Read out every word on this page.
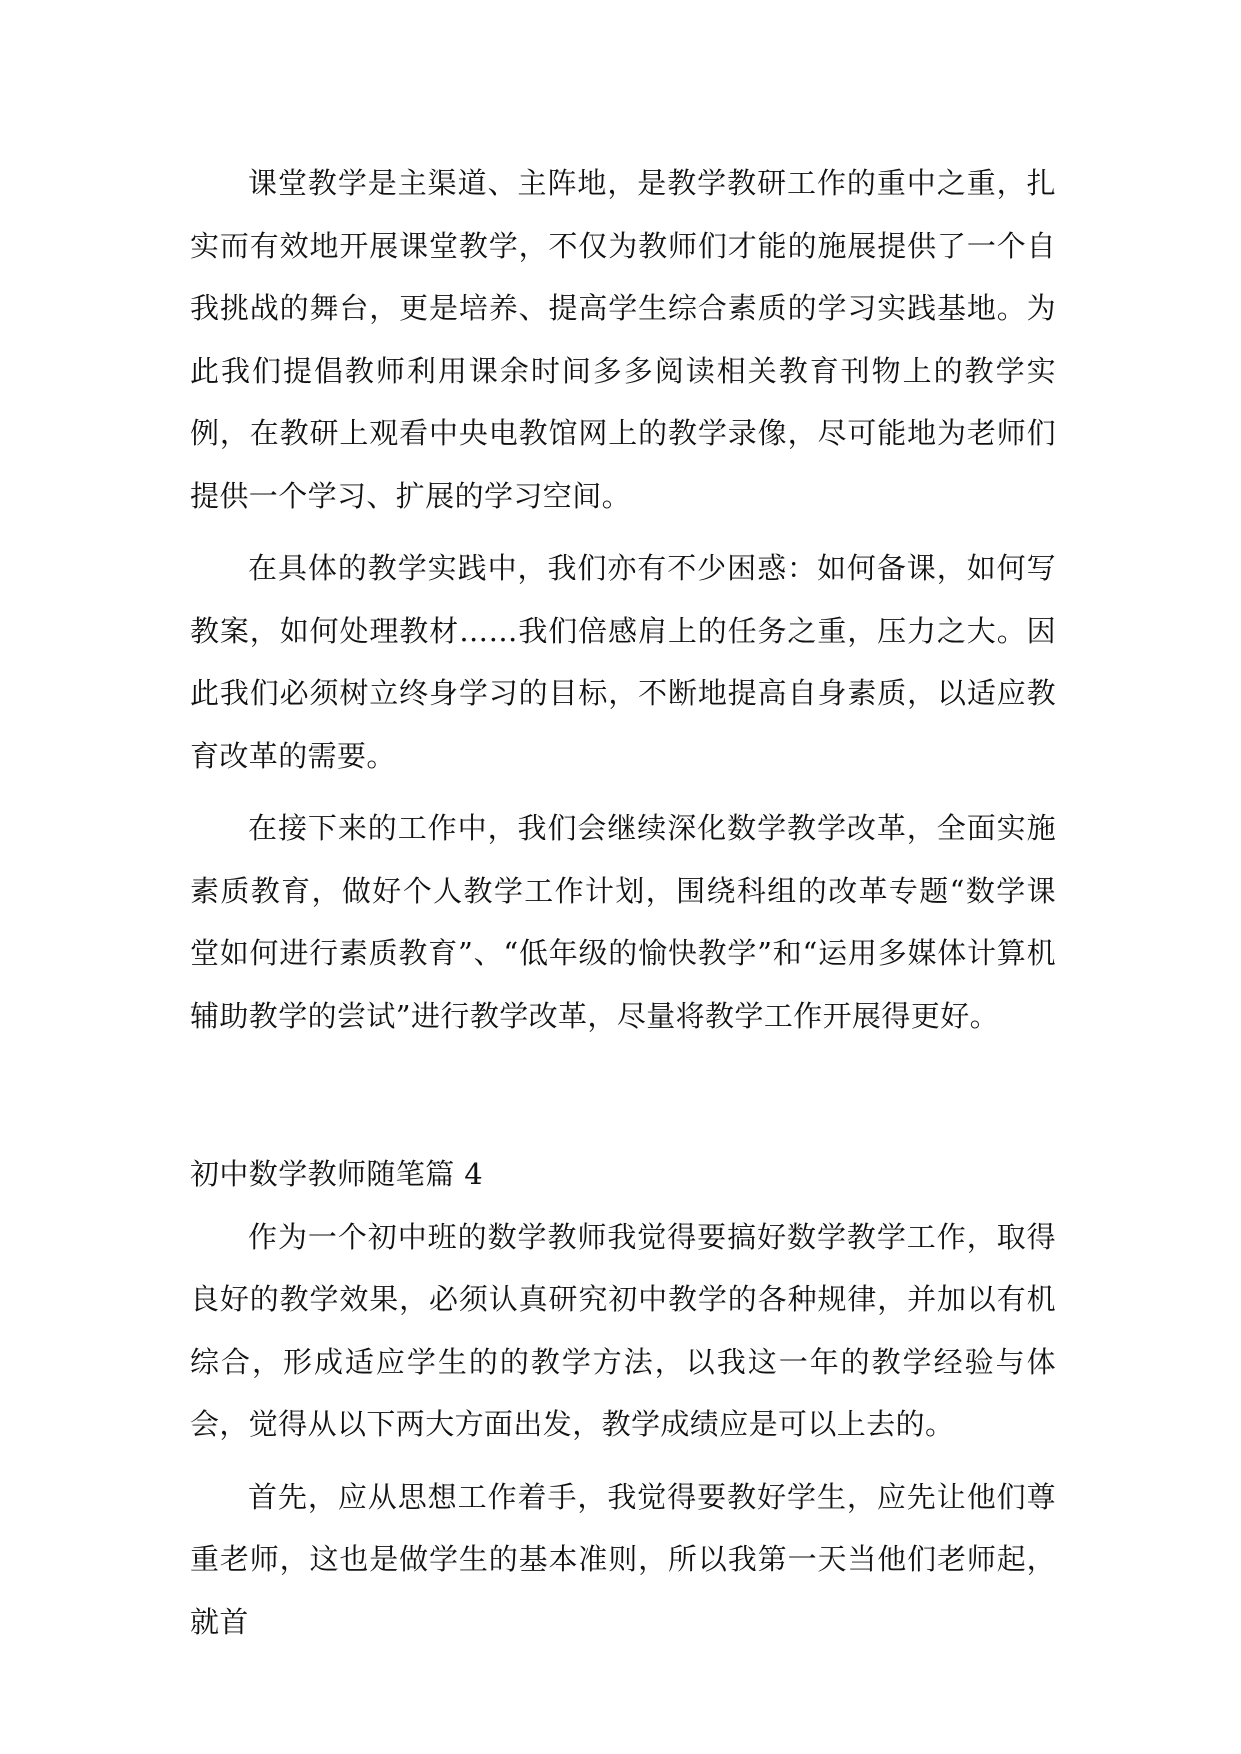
课堂教学是主渠道、主阵地，是教学教研工作的重中之重，扎实而有效地开展课堂教学，不仅为教师们才能的施展提供了一个自我挑战的舞台，更是培养、提高学生综合素质的学习实践基地。为此我们提倡教师利用课余时间多多阅读相关教育刊物上的教学实例，在教研上观看中央电教馆网上的教学录像，尽可能地为老师们提供一个学习、扩展的学习空间。

在具体的教学实践中，我们亦有不少困惑：如何备课，如何写教案，如何处理教材……我们倍感肩上的任务之重，压力之大。因此我们必须树立终身学习的目标，不断地提高自身素质，以适应教育改革的需要。

在接下来的工作中，我们会继续深化数学教学改革，全面实施素质教育，做好个人教学工作计划，围绕科组的改革专题“数学课堂如何进行素质教育”、“低年级的愉快教学”和“运用多媒体计算机辅助教学的尝试”进行教学改革，尽量将教学工作开展得更好。

初中数学教师随笔篇 4

作为一个初中班的数学教师我觉得要搞好数学教学工作，取得良好的教学效果，必须认真研究初中教学的各种规律，并加以有机综合，形成适应学生的的教学方法，以我这一年的教学经验与体会，觉得从以下两大方面出发，教学成绩应是可以上去的。

首先，应从思想工作着手，我觉得要教好学生，应先让他们尊重老师，这也是做学生的基本准则，所以我第一天当他们老师起，就首
